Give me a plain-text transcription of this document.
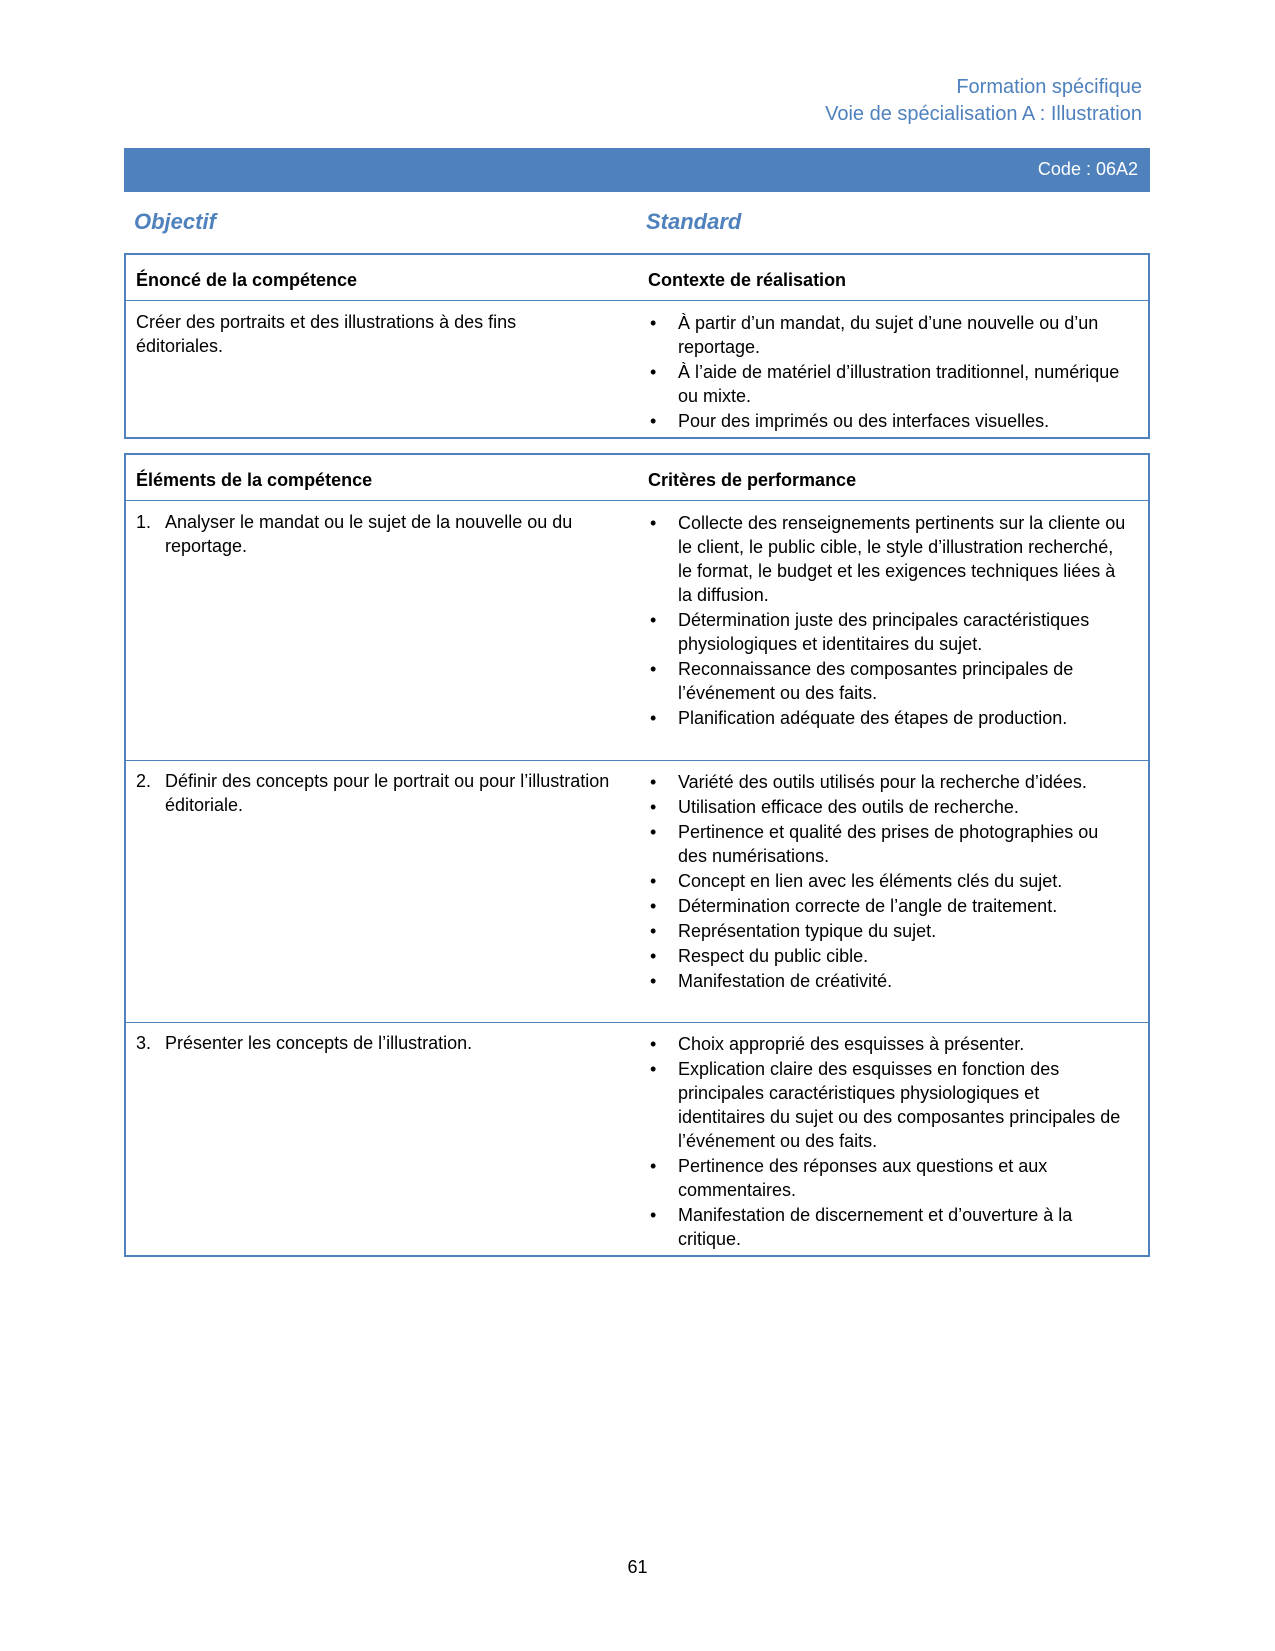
Formation spécifique
Voie de spécialisation A : Illustration
Code : 06A2
Objectif	Standard
Énoncé de la compétence	Contexte de réalisation
Créer des portraits et des illustrations à des fins éditoriales.
• À partir d’un mandat, du sujet d’une nouvelle ou d’un reportage.
• À l’aide de matériel d’illustration traditionnel, numérique ou mixte.
• Pour des imprimés ou des interfaces visuelles.
Éléments de la compétence	Critères de performance
1. Analyser le mandat ou le sujet de la nouvelle ou du reportage.
• Collecte des renseignements pertinents sur la cliente ou le client, le public cible, le style d’illustration recherché, le format, le budget et les exigences techniques liées à la diffusion.
• Détermination juste des principales caractéristiques physiologiques et identitaires du sujet.
• Reconnaissance des composantes principales de l’événement ou des faits.
• Planification adéquate des étapes de production.
2. Définir des concepts pour le portrait ou pour l’illustration éditoriale.
• Variété des outils utilisés pour la recherche d’idées.
• Utilisation efficace des outils de recherche.
• Pertinence et qualité des prises de photographies ou des numérisations.
• Concept en lien avec les éléments clés du sujet.
• Détermination correcte de l’angle de traitement.
• Représentation typique du sujet.
• Respect du public cible.
• Manifestation de créativité.
3. Présenter les concepts de l’illustration.
•	Choix approprié des esquisses à présenter.
• Explication claire des esquisses en fonction des principales caractéristiques physiologiques et identitaires du sujet ou des composantes principales de l’événement ou des faits.
• Pertinence des réponses aux questions et aux commentaires.
• Manifestation de discernement et d’ouverture à la critique.
61
